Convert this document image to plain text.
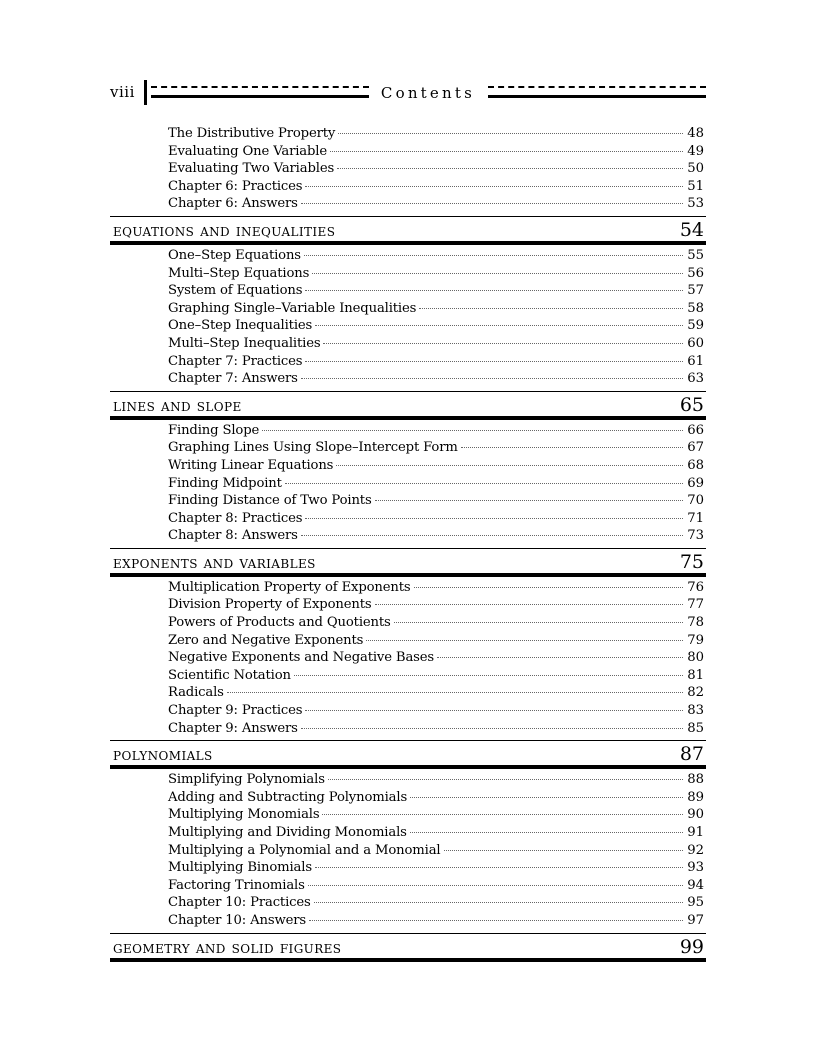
viii	Contents
The Distributive Property	48
Evaluating One Variable	49
Evaluating Two Variables	50
Chapter 6: Practices	51
Chapter 6: Answers	53
equations and inequalities	54
One–Step Equations	55
Multi–Step Equations	56
System of Equations	57
Graphing Single–Variable Inequalities	58
One–Step Inequalities	59
Multi–Step Inequalities	60
Chapter 7: Practices	61
Chapter 7: Answers	63
lines and slope	65
Finding Slope	66
Graphing Lines Using Slope–Intercept Form	67
Writing Linear Equations	68
Finding Midpoint	69
Finding Distance of Two Points	70
Chapter 8: Practices	71
Chapter 8: Answers	73
exponents and variables	75
Multiplication Property of Exponents	76
Division Property of Exponents	77
Powers of Products and Quotients	78
Zero and Negative Exponents	79
Negative Exponents and Negative Bases	80
Scientific Notation	81
Radicals	82
Chapter 9: Practices	83
Chapter 9: Answers	85
polynomials	87
Simplifying Polynomials	88
Adding and Subtracting Polynomials	89
Multiplying Monomials	90
Multiplying and Dividing Monomials	91
Multiplying a Polynomial and a Monomial	92
Multiplying Binomials	93
Factoring Trinomials	94
Chapter 10: Practices	95
Chapter 10: Answers	97
geometry and solid figures	99
